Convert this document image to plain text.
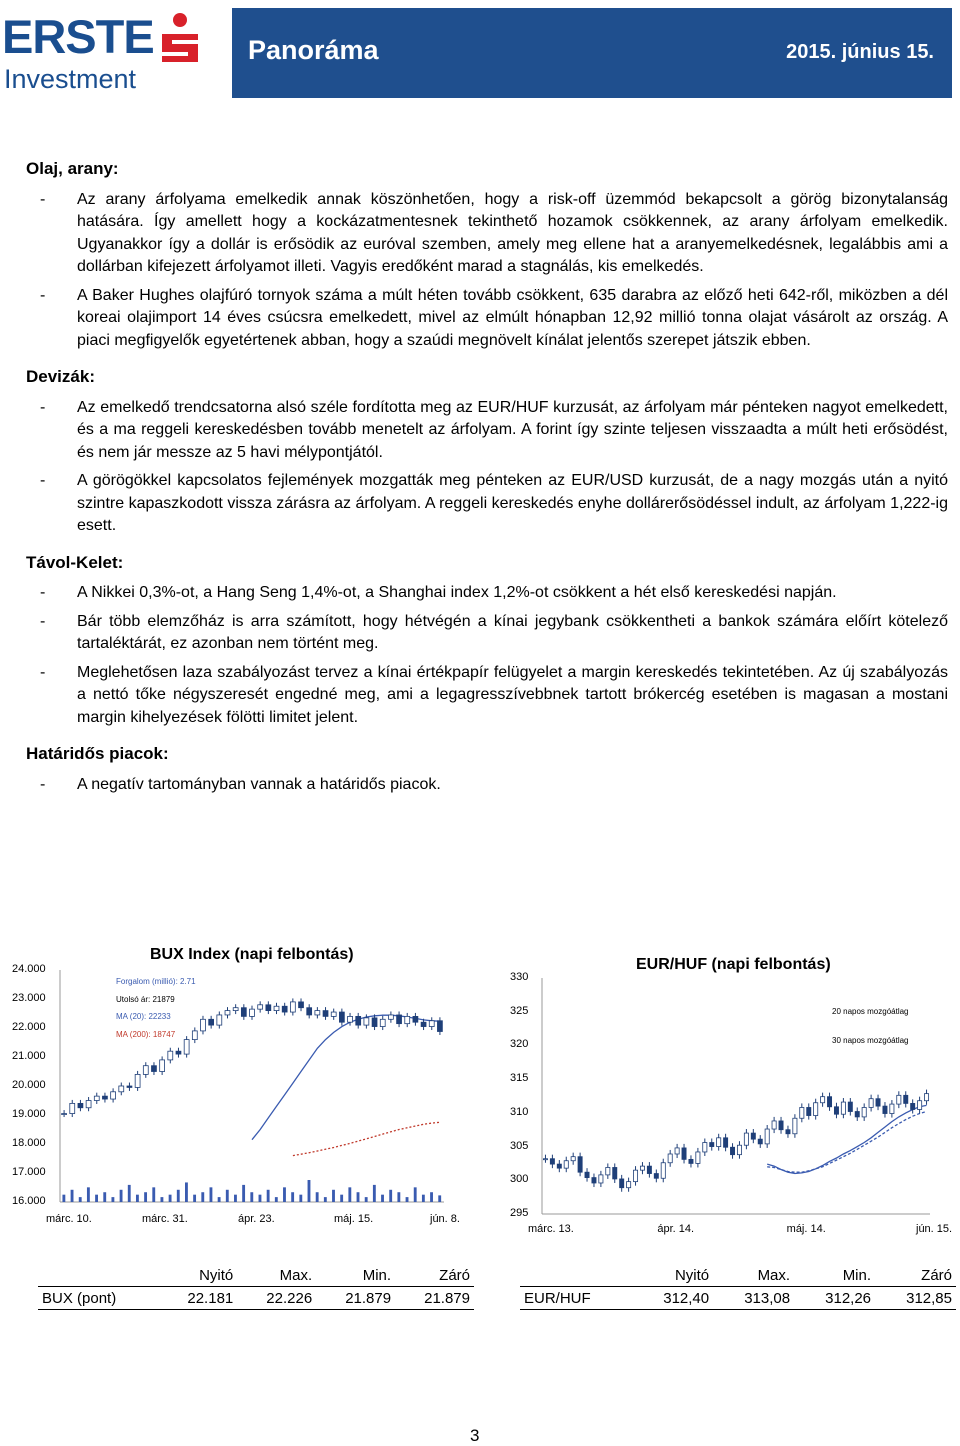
ERSTE
Investment
Panoráma	2015. június 15.
Olaj, arany:
- Az arany árfolyama emelkedik annak köszönhetően, hogy a risk-off üzemmód bekapcsolt a görög bizonytalanság hatására. Így amellett hogy a kockázatmentesnek tekinthető hozamok csökkennek, az arany árfolyam emelkedik. Ugyanakkor így a dollár is erősödik az euróval szemben, amely meg ellene hat a aranyemelkedésnek, legalábbis ami a dollárban kifejezett árfolyamot illeti. Vagyis eredőként marad a stagnálás, kis emelkedés.
- A Baker Hughes olajfúró tornyok száma a múlt héten tovább csökkent, 635 darabra az előző heti 642-ről, miközben a dél koreai olajimport 14 éves csúcsra emelkedett, mivel az elmúlt hónapban 12,92 millió tonna olajat vásárolt az ország. A piaci megfigyelők egyetértenek abban, hogy a szaúdi megnövelt kínálat jelentős szerepet játszik ebben.
Devizák:
- Az emelkedő trendcsatorna alsó széle fordította meg az EUR/HUF kurzusát, az árfolyam már pénteken nagyot emelkedett, és a ma reggeli kereskedésben tovább menetelt az árfolyam. A forint így szinte teljesen visszaadta a múlt heti erősödést, és nem jár messze az 5 havi mélypontjától.
- A görögökkel kapcsolatos fejlemények mozgatták meg pénteken az EUR/USD kurzusát, de a nagy mozgás után a nyitó szintre kapaszkodott vissza zárásra az árfolyam. A reggeli kereskedés enyhe dollárerősödéssel indult, az árfolyam 1,222-ig esett.
Távol-Kelet:
- A Nikkei 0,3%-ot, a Hang Seng 1,4%-ot, a Shanghai index 1,2%-ot csökkent a hét első kereskedési napján.
- Bár több elemzőház is arra számított, hogy hétvégén a kínai jegybank csökkentheti a bankok számára előírt kötelező tartaléktárát, ez azonban nem történt meg.
- Meglehetősen laza szabályozást tervez a kínai értékpapír felügyelet a margin kereskedés tekintetében. Az új szabályozás a nettó tőke négyszeresét engedné meg, ami a legagresszívebbnek tartott brókercég esetében is magasan a mostani margin kihelyezések fölötti limitet jelent.
Határidős piacok:
- A negatív tartományban vannak a határidős piacok.
BUX Index (napi felbontás)
24.000
23.000
22.000
21.000
20.000
19.000
18.000
17.000
16.000
márc. 10.	márc. 31.	ápr. 23.	máj. 15.	jún. 8.
Forgalom (millió): 2.71
Utolsó ár: 21879
MA (20): 22233
MA (200): 18747
EUR/HUF (napi felbontás)
330
325
320
315
310
305
300
295
márc. 13.	ápr. 14.	máj. 14.	jún. 15.
20 napos mozgóátlag
30 napos mozgóátlag
	Nyitó	Max.	Min.	Záró
BUX (pont)	22.181	22.226	21.879	21.879
	Nyitó	Max.	Min.	Záró
EUR/HUF	312,40	313,08	312,26	312,85
3
